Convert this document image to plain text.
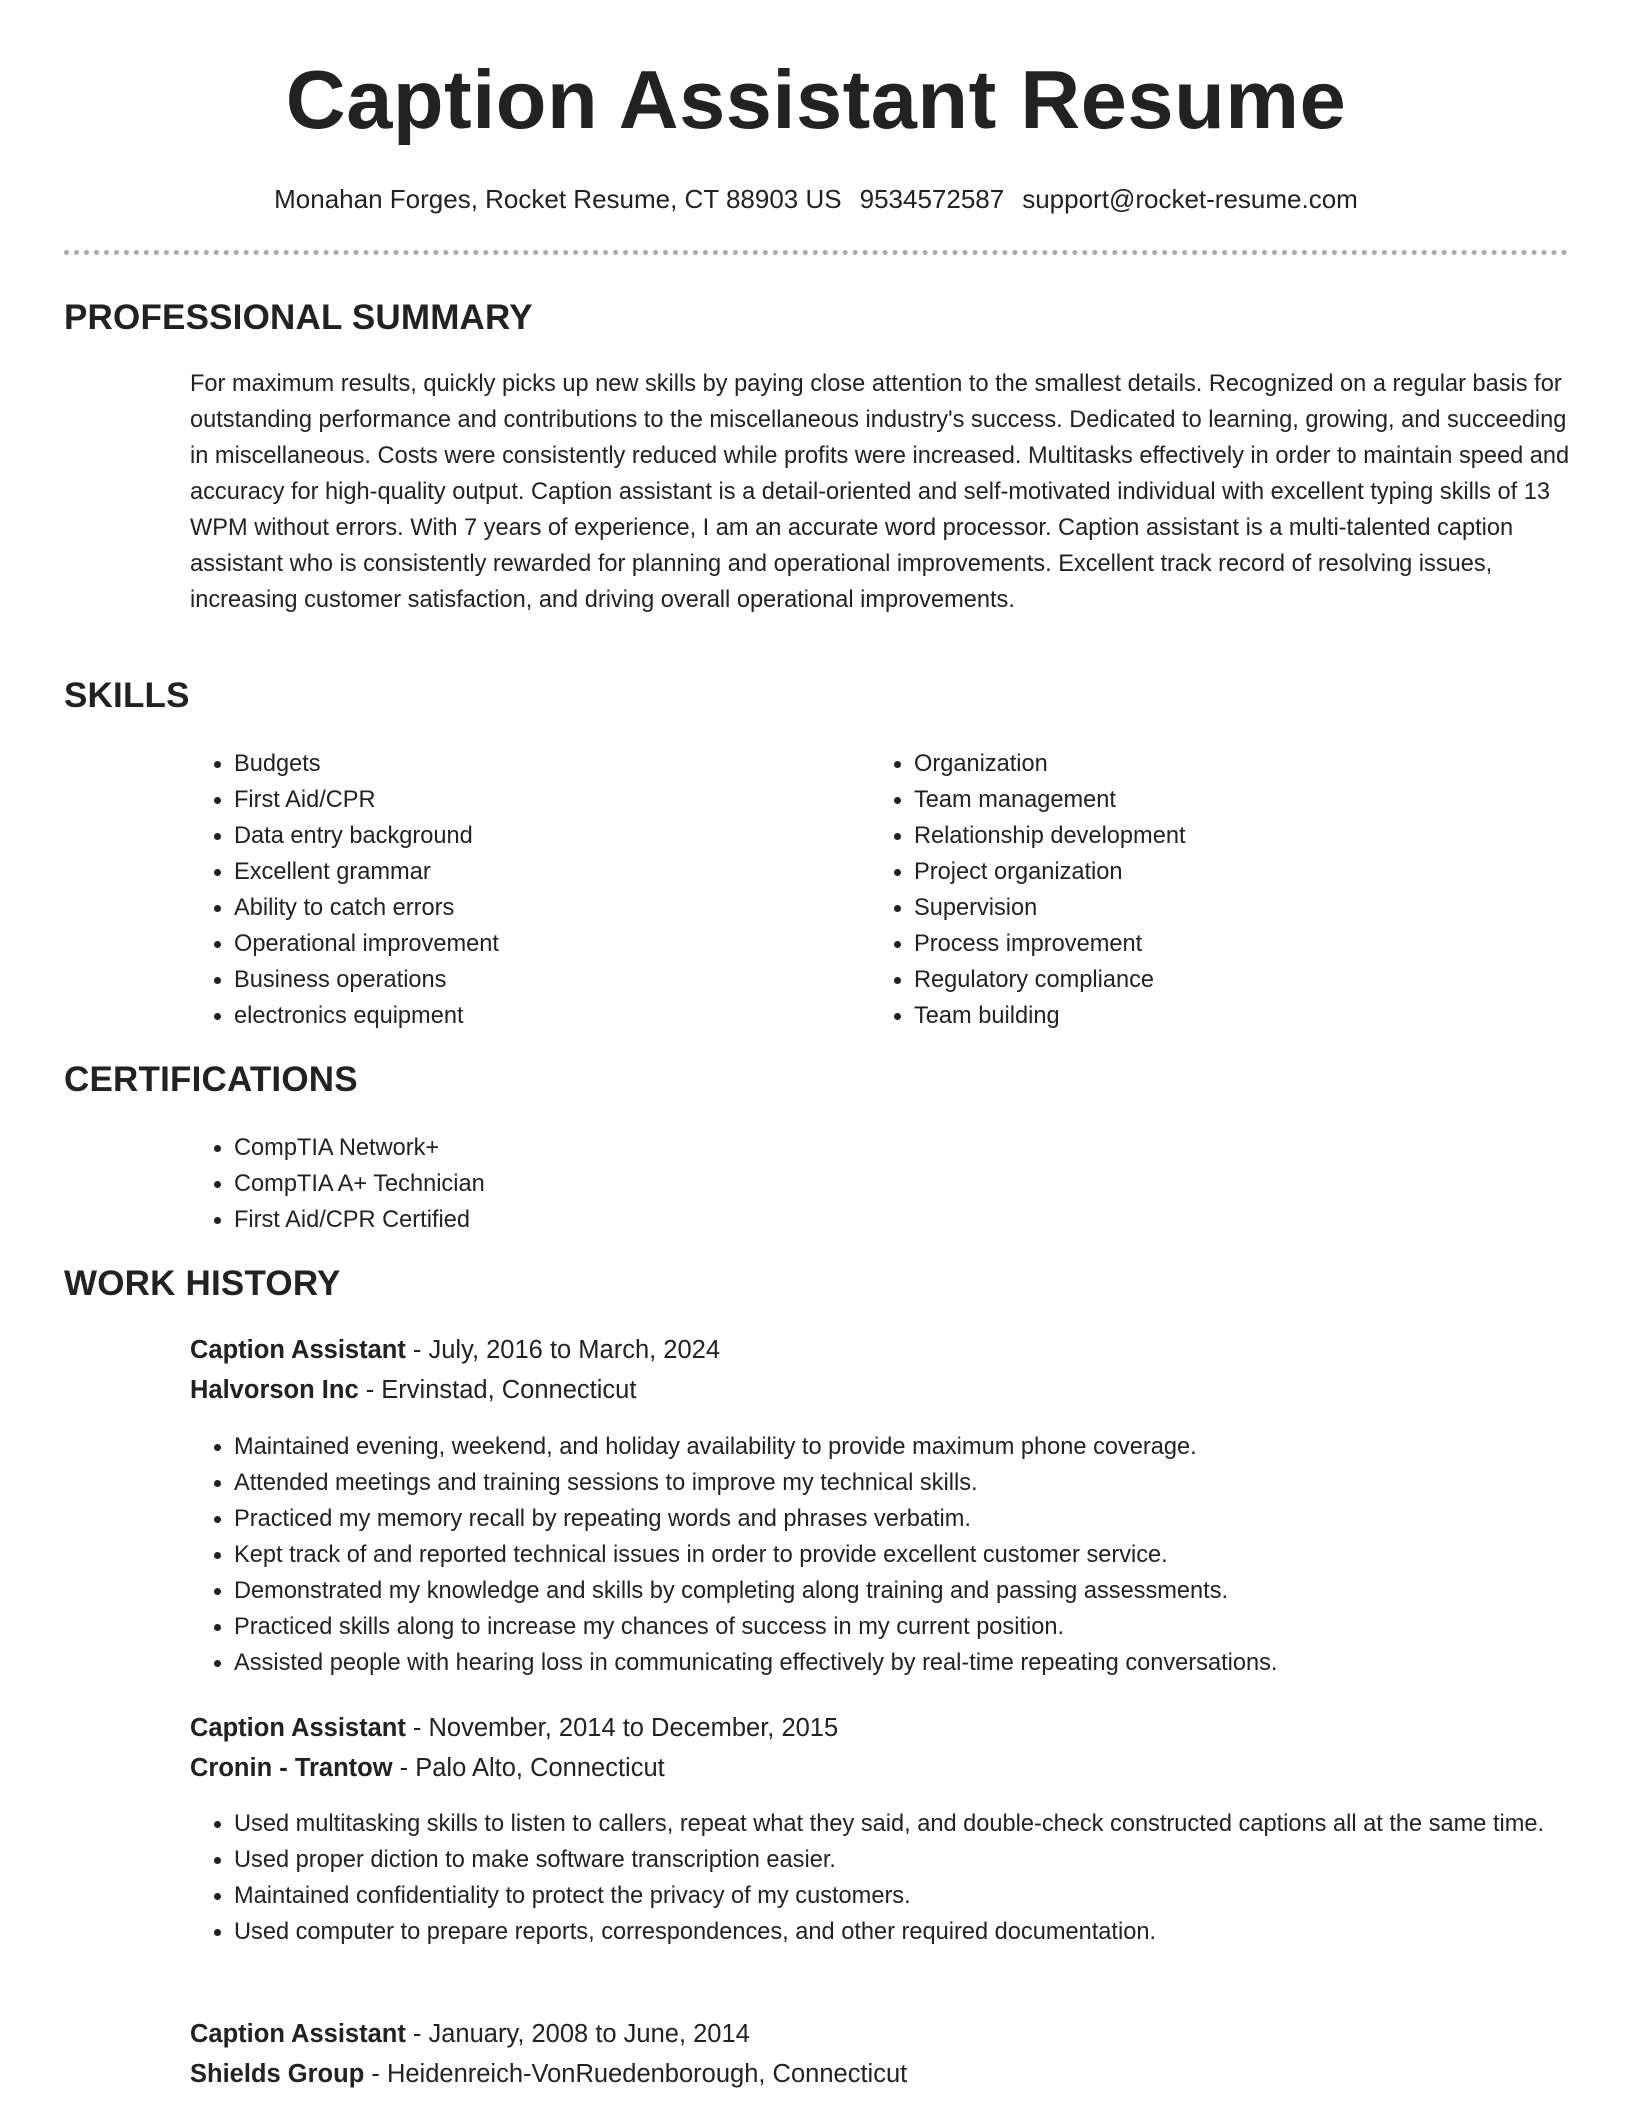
Caption Assistant Resume
Monahan Forges, Rocket Resume, CT 88903 US 9534572587 support@rocket-resume.com
PROFESSIONAL SUMMARY

For maximum results, quickly picks up new skills by paying close attention to the smallest details. Recognized on a regular basis for outstanding performance and contributions to the miscellaneous industry's success. Dedicated to learning, growing, and succeeding in miscellaneous. Costs were consistently reduced while profits were increased. Multitasks effectively in order to maintain speed and accuracy for high-quality output. Caption assistant is a detail-oriented and self-motivated individual with excellent typing skills of 13 WPM without errors. With 7 years of experience, I am an accurate word processor. Caption assistant is a multi-talented caption assistant who is consistently rewarded for planning and operational improvements. Excellent track record of resolving issues, increasing customer satisfaction, and driving overall operational improvements.

SKILLS
• Budgets
• First Aid/CPR
• Data entry background
• Excellent grammar
• Ability to catch errors
• Operational improvement
• Business operations
• electronics equipment
• Organization
• Team management
• Relationship development
• Project organization
• Supervision
• Process improvement
• Regulatory compliance
• Team building
CERTIFICATIONS
• CompTIA Network+
• CompTIA A+ Technician
• First Aid/CPR Certified
WORK HISTORY
Caption Assistant - July, 2016 to March, 2024
Halvorson Inc - Ervinstad, Connecticut
• Maintained evening, weekend, and holiday availability to provide maximum phone coverage.
• Attended meetings and training sessions to improve my technical skills.
• Practiced my memory recall by repeating words and phrases verbatim.
• Kept track of and reported technical issues in order to provide excellent customer service.
• Demonstrated my knowledge and skills by completing along training and passing assessments.
• Practiced skills along to increase my chances of success in my current position.
• Assisted people with hearing loss in communicating effectively by real-time repeating conversations.
Caption Assistant - November, 2014 to December, 2015
Cronin - Trantow - Palo Alto, Connecticut
• Used multitasking skills to listen to callers, repeat what they said, and double-check constructed captions all at the same time.
• Used proper diction to make software transcription easier.
• Maintained confidentiality to protect the privacy of my customers.
• Used computer to prepare reports, correspondences, and other required documentation.
Caption Assistant - January, 2008 to June, 2014
Shields Group - Heidenreich-VonRuedenborough, Connecticut
